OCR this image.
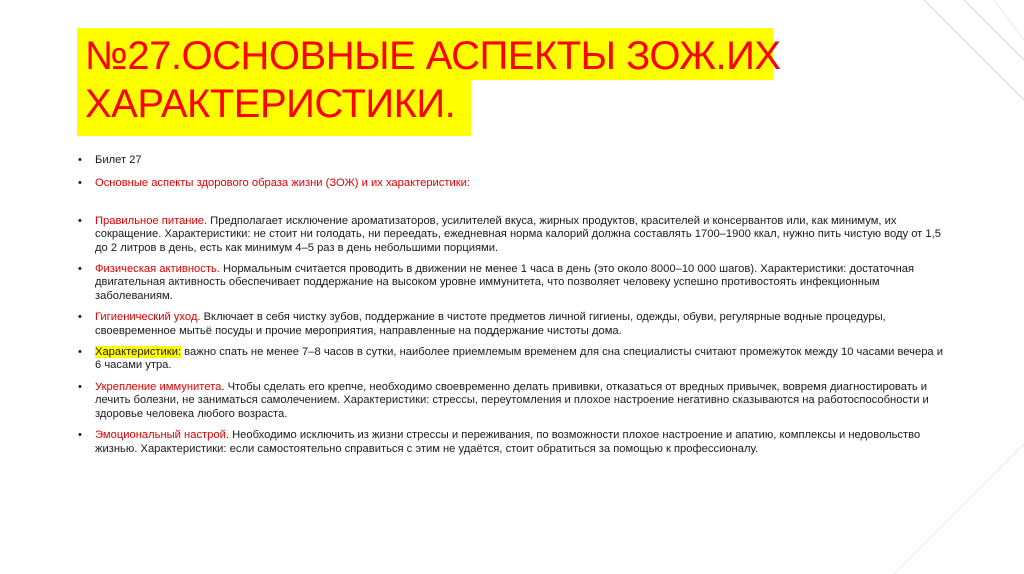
№27.ОСНОВНЫЕ АСПЕКТЫ ЗОЖ.ИХ
ХАРАКТЕРИСТИКИ.
•	Билет 27
•	Основные аспекты здорового образа жизни (ЗОЖ) и их характеристики:
•	Правильное питание. Предполагает исключение ароматизаторов, усилителей вкуса, жирных продуктов, красителей и консервантов или, как минимум, их сокращение. Характеристики: не стоит ни голодать, ни переедать, ежедневная норма калорий должна составлять 1700–1900 ккал, нужно пить чистую воду от 1,5 до 2 литров в день, есть как минимум 4–5 раз в день небольшими порциями.
•	Физическая активность. Нормальным считается проводить в движении не менее 1 часа в день (это около 8000–10 000 шагов). Характеристики: достаточная двигательная активность обеспечивает поддержание на высоком уровне иммунитета, что позволяет человеку успешно противостоять инфекционным заболеваниям.
•	Гигиенический уход. Включает в себя чистку зубов, поддержание в чистоте предметов личной гигиены, одежды, обуви, регулярные водные процедуры, своевременное мытьё посуды и прочие мероприятия, направленные на поддержание чистоты дома.
•	Характеристики: важно спать не менее 7–8 часов в сутки, наиболее приемлемым временем для сна специалисты считают промежуток между 10 часами вечера и 6 часами утра.
•	Укрепление иммунитета. Чтобы сделать его крепче, необходимо своевременно делать прививки, отказаться от вредных привычек, вовремя диагностировать и лечить болезни, не заниматься самолечением. Характеристики: стрессы, переутомления и плохое настроение негативно сказываются на работоспособности и здоровье человека любого возраста.
•	Эмоциональный настрой. Необходимо исключить из жизни стрессы и переживания, по возможности плохое настроение и апатию, комплексы и недовольство жизнью. Характеристики: если самостоятельно справиться с этим не удаётся, стоит обратиться за помощью к профессионалу.
